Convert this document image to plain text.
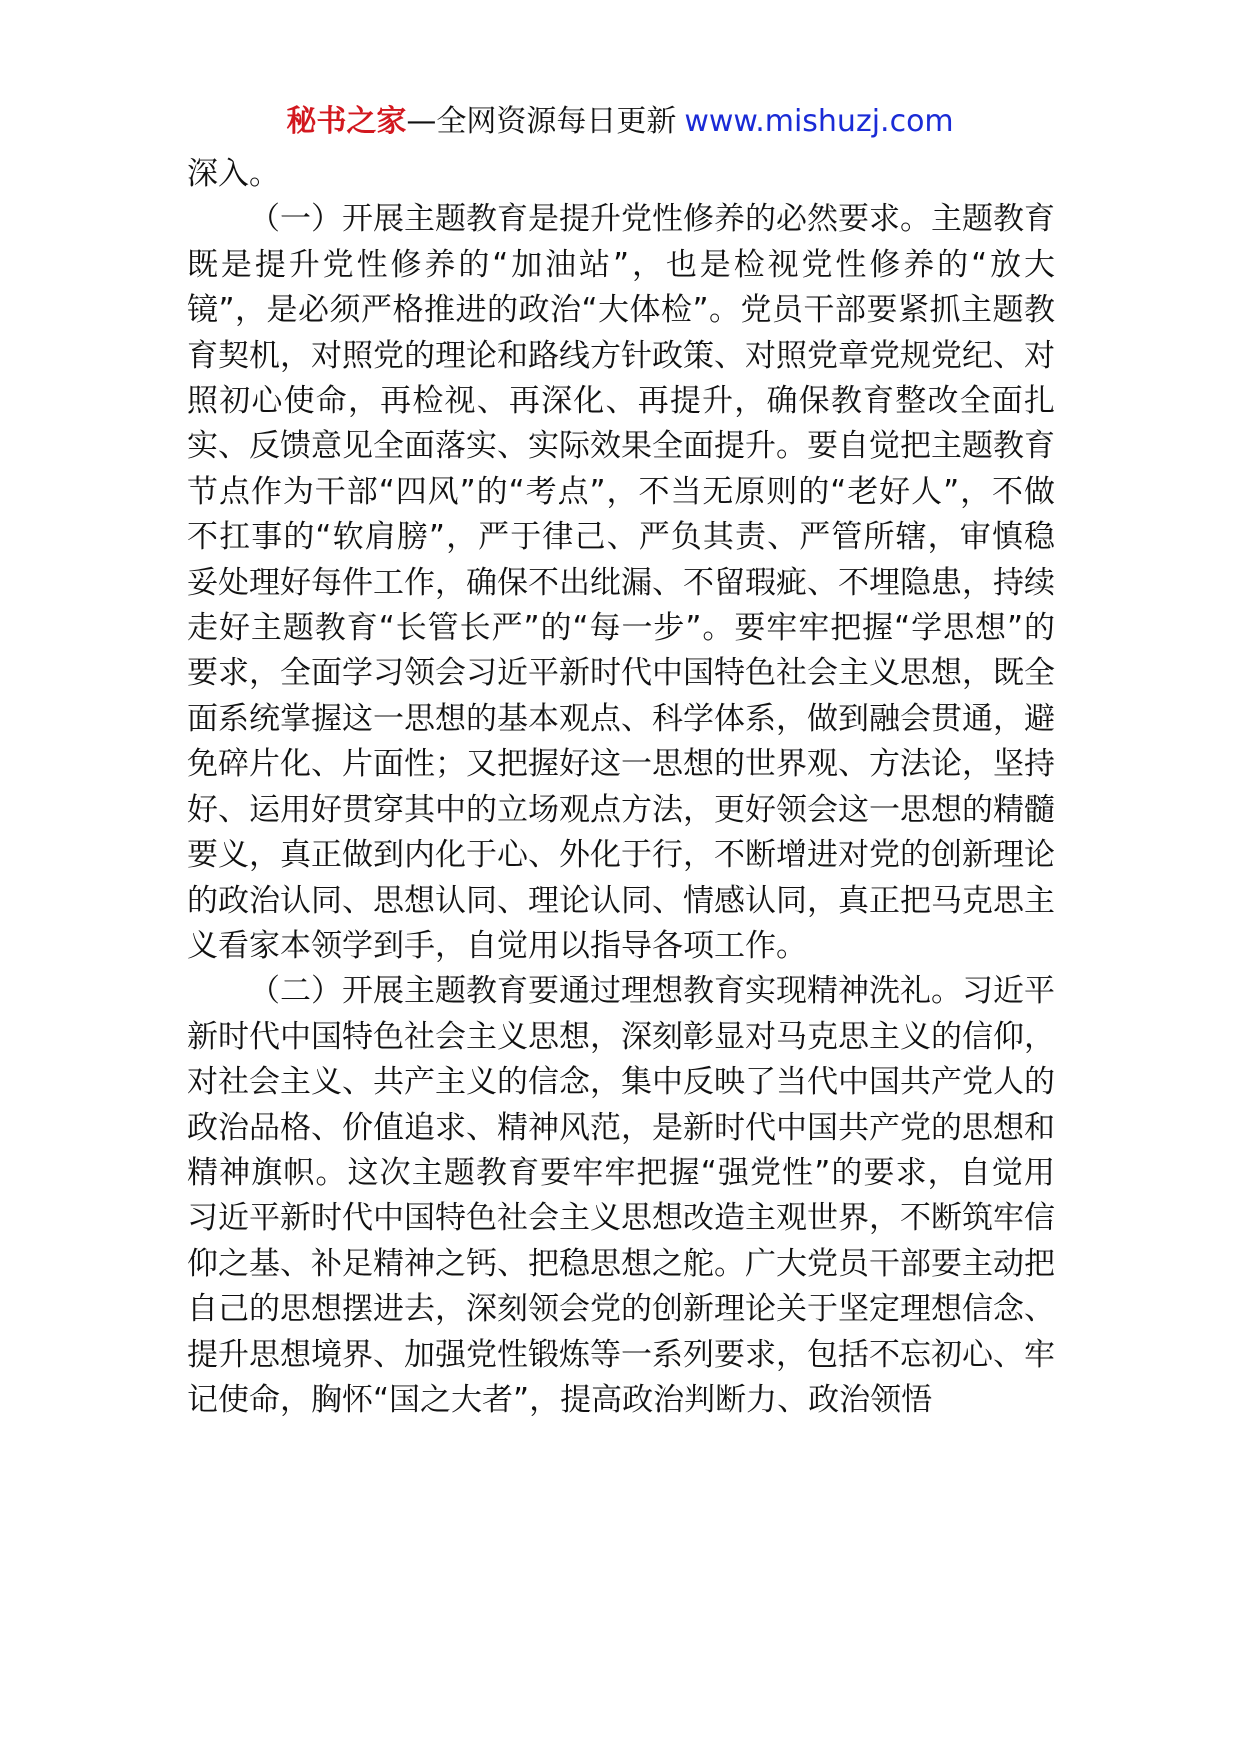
秘书之家—全网资源每日更新 www.mishuzj.com

深入。

（一）开展主题教育是提升党性修养的必然要求。主题教育既是提升党性修养的“加油站”，也是检视党性修养的“放大镜”，是必须严格推进的政治“大体检”。党员干部要紧抓主题教育契机，对照党的理论和路线方针政策、对照党章党规党纪、对照初心使命，再检视、再深化、再提升，确保教育整改全面扎实、反馈意见全面落实、实际效果全面提升。要自觉把主题教育节点作为干部“四风”的“考点”，不当无原则的“老好人”，不做不扛事的“软肩膀”，严于律己、严负其责、严管所辖，审慎稳妥处理好每件工作，确保不出纰漏、不留瑕疵、不埋隐患，持续走好主题教育“长管长严”的“每一步”。要牢牢把握“学思想”的要求，全面学习领会习近平新时代中国特色社会主义思想，既全面系统掌握这一思想的基本观点、科学体系，做到融会贯通，避免碎片化、片面性；又把握好这一思想的世界观、方法论，坚持好、运用好贯穿其中的立场观点方法，更好领会这一思想的精髓要义，真正做到内化于心、外化于行，不断增进对党的创新理论的政治认同、思想认同、理论认同、情感认同，真正把马克思主义看家本领学到手，自觉用以指导各项工作。

（二）开展主题教育要通过理想教育实现精神洗礼。习近平新时代中国特色社会主义思想，深刻彰显对马克思主义的信仰，对社会主义、共产主义的信念，集中反映了当代中国共产党人的政治品格、价值追求、精神风范，是新时代中国共产党的思想和精神旗帜。这次主题教育要牢牢把握“强党性”的要求，自觉用习近平新时代中国特色社会主义思想改造主观世界，不断筑牢信仰之基、补足精神之钙、把稳思想之舵。广大党员干部要主动把自己的思想摆进去，深刻领会党的创新理论关于坚定理想信念、提升思想境界、加强党性锻炼等一系列要求，包括不忘初心、牢记使命，胸怀“国之大者”，提高政治判断力、政治领悟
